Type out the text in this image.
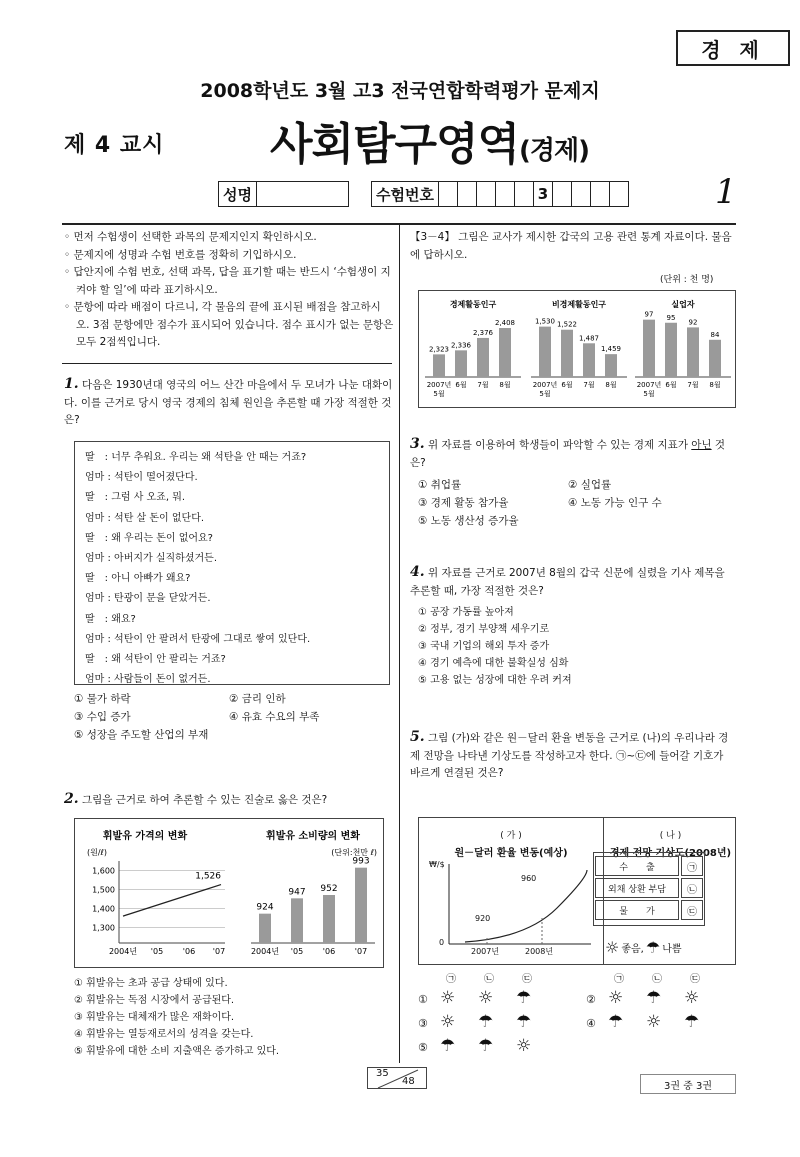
경 제
2008학년도 3월 고3 전국연합학력평가 문제지
제 4 교시 사회탐구영역(경제)
성명	수험번호	3	1

◦ 먼저 수험생이 선택한 과목의 문제지인지 확인하시오.

◦ 문제지에 성명과 수험 번호를 정확히 기입하시오.

◦ 답안지에 수험 번호, 선택 과목, 답을 표기할 때는 반드시 ‘수험생이 지켜야 할 일’에 따라 표기하시오.

◦ 문항에 따라 배점이 다르니, 각 물음의 끝에 표시된 배점을 참고하시오. 3점 문항에만 점수가 표시되어 있습니다. 점수 표시가 없는 문항은 모두 2점씩입니다.

1. 다음은 1930년대 영국의 어느 산간 마을에서 두 모녀가 나눈 대화이다. 이를 근거로 당시 영국 경제의 침체 원인을 추론할 때 가장 적절한 것은?
딸　: 너무 추워요. 우리는 왜 석탄을 안 때는 거죠?
엄마 : 석탄이 떨어졌단다.
딸　: 그럼 사 오죠, 뭐.
엄마 : 석탄 살 돈이 없단다.
딸　: 왜 우리는 돈이 없어요?
엄마 : 아버지가 실직하셨거든.
딸　: 아니 아빠가 왜요?
엄마 : 탄광이 문을 닫았거든.
딸　: 왜요?
엄마 : 석탄이 안 팔려서 탄광에 그대로 쌓여 있단다.
딸　: 왜 석탄이 안 팔리는 거죠?
엄마 : 사람들이 돈이 없거든.
① 물가 하락	② 금리 인하
③ 수입 증가	④ 유효 수요의 부족
⑤ 성장을 주도할 산업의 부재
2. 그림을 근거로 하여 추론할 수 있는 진술로 옳은 것은?
휘발유 가격의 변화
(원/ℓ)
1,600
1,500
1,400
1,300
1,526
2004년 '05 '06 '07
휘발유 소비량의 변화
(단위:천만 ℓ)
924
2004년
947
'05
952
'06
993
'07
① 휘발유는 초과 공급 상태에 있다.
② 휘발유는 독점 시장에서 공급된다.
③ 휘발유는 대체재가 많은 재화이다.
④ 휘발유는 열등재로서의 성격을 갖는다.
⑤ 휘발유에 대한 소비 지출액은 증가하고 있다.
【3－4】 그림은 교사가 제시한 갑국의 고용 관련 통계 자료이다. 물음에 답하시오.
(단위 : 천 명)
경제활동인구
2,323
2007년
5월
2,336
6월
2,376
7월
2,408
8월
비경제활동인구
1,530
2007년
5월
1,522
6월
1,487
7월
1,459
8월
실업자
97
2007년
5월
95
6월
92
7월
84
8월
3. 위 자료를 이용하여 학생들이 파악할 수 있는 경제 지표가 아닌 것은?
① 취업률	② 실업률
③ 경제 활동 참가율	④ 노동 가능 인구 수
⑤ 노동 생산성 증가율
4. 위 자료를 근거로 2007년 8월의 갑국 신문에 실렸을 기사 제목을 추론할 때, 가장 적절한 것은?
① 공장 가동률 높아져
② 정부, 경기 부양책 세우기로
③ 국내 기업의 해외 투자 증가
④ 경기 예측에 대한 불확실성 심화
⑤ 고용 없는 성장에 대한 우려 커져
5. 그림 (가)와 같은 원－달러 환율 변동을 근거로 (나)의 우리나라 경제 전망을 나타낸 기상도를 작성하고자 한다. ㉠~㉢에 들어갈 기호가 바르게 연결된 것은?
( 가 )
원－달러 환율 변동(예상)
₩/$
0
920
960
2007년	2008년
( 나 )
경제 전망 기상도(2008년)
수　　출
외채 상환 부담
물　　가
㉠
㉡
㉢
☼ 좋음, ☂ 나쁨
㉠	㉡	㉢	㉠	㉡	㉢
① ☼ ☼ ☂	② ☼ ☂ ☼
③ ☼ ☂ ☂	④ ☂ ☼ ☂
⑤ ☂ ☂ ☼
35
48	3권 중 3권
